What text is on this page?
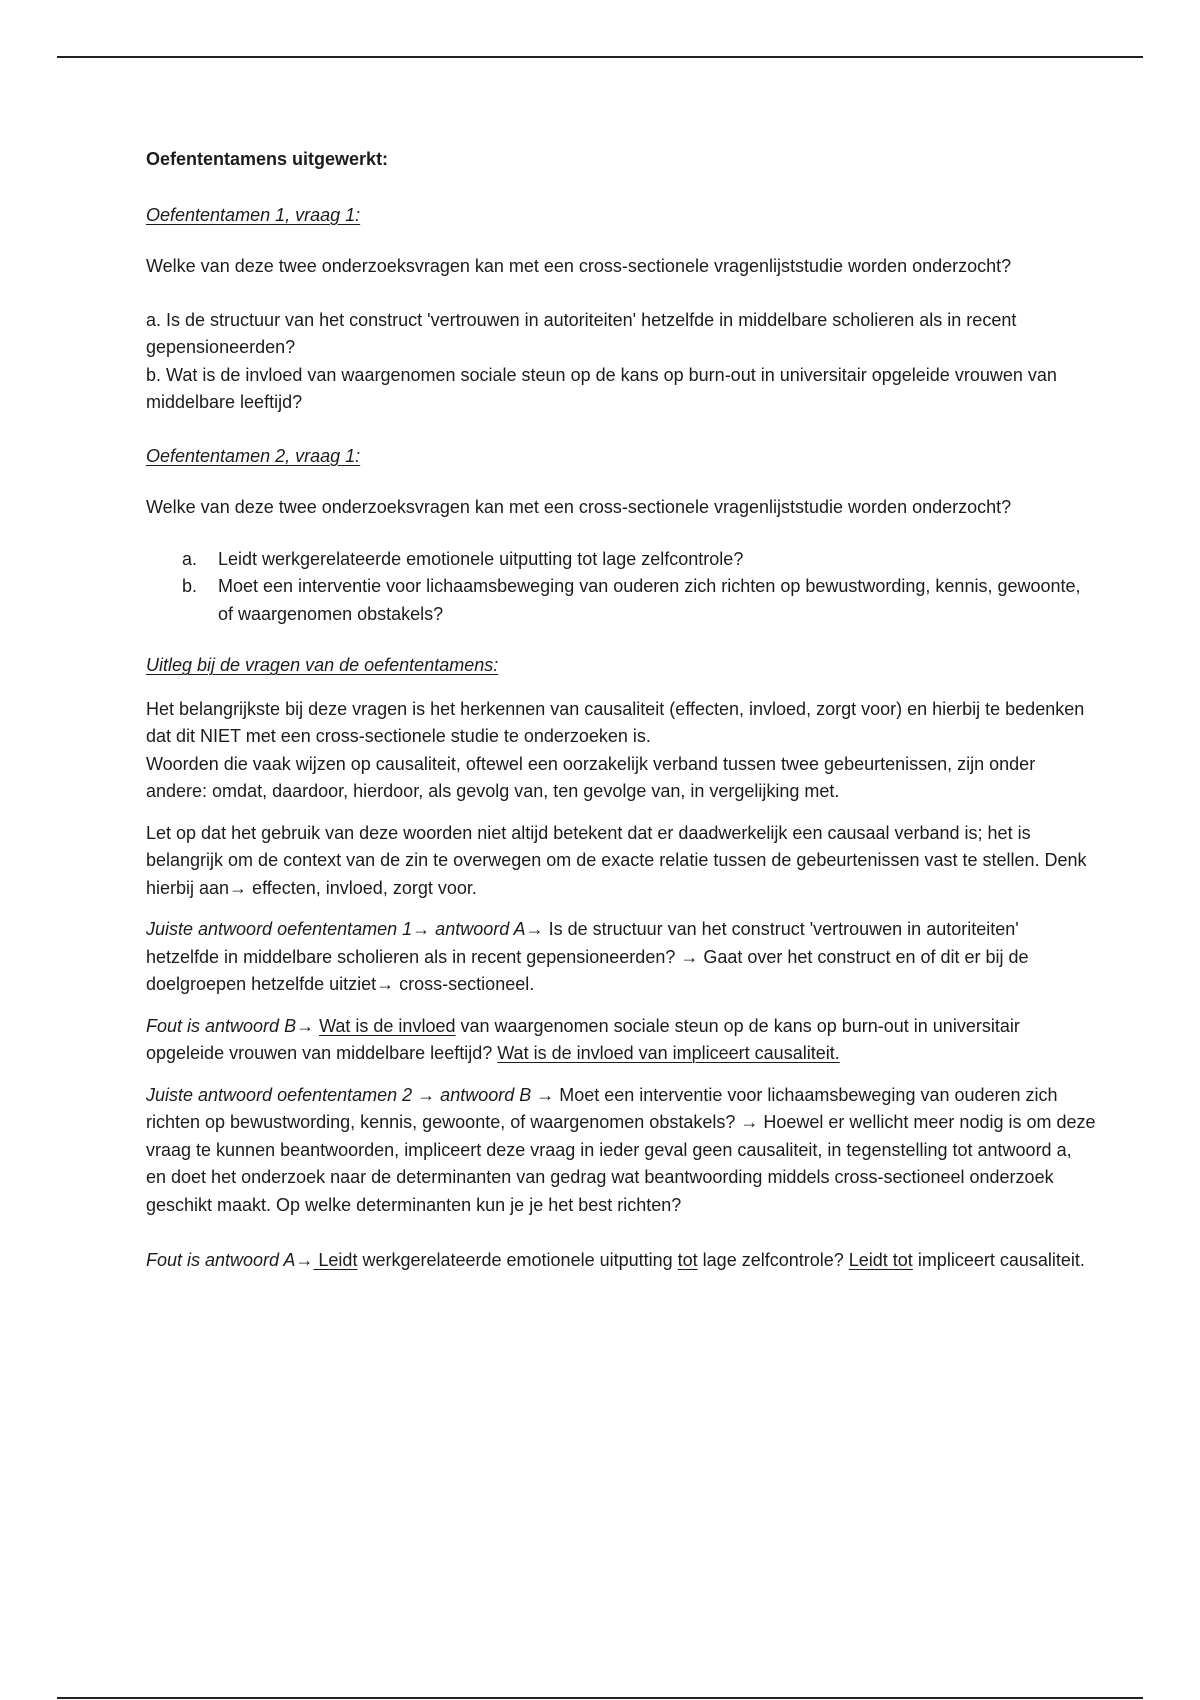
Oefententamens uitgewerkt:

Oefententamen 1, vraag 1:

Welke van deze twee onderzoeksvragen kan met een cross-sectionele vragenlijststudie worden onderzocht?

a. Is de structuur van het construct 'vertrouwen in autoriteiten' hetzelfde in middelbare scholieren als in recent gepensioneerden?

b. Wat is de invloed van waargenomen sociale steun op de kans op burn-out in universitair opgeleide vrouwen van middelbare leeftijd?

Oefententamen 2, vraag 1:

Welke van deze twee onderzoeksvragen kan met een cross-sectionele vragenlijststudie worden onderzocht?

a.	Leidt werkgerelateerde emotionele uitputting tot lage zelfcontrole?
b.	Moet een interventie voor lichaamsbeweging van ouderen zich richten op bewustwording, kennis, gewoonte, of waargenomen obstakels?

Uitleg bij de vragen van de oefententamens:

Het belangrijkste bij deze vragen is het herkennen van causaliteit (effecten, invloed, zorgt voor) en hierbij te bedenken dat dit NIET met een cross-sectionele studie te onderzoeken is.

Woorden die vaak wijzen op causaliteit, oftewel een oorzakelijk verband tussen twee gebeurtenissen, zijn onder andere: omdat, daardoor, hierdoor, als gevolg van, ten gevolge van, in vergelijking met.

Let op dat het gebruik van deze woorden niet altijd betekent dat er daadwerkelijk een causaal verband is; het is belangrijk om de context van de zin te overwegen om de exacte relatie tussen de gebeurtenissen vast te stellen. Denk hierbij aan→ effecten, invloed, zorgt voor.

Juiste antwoord oefententamen 1→ antwoord A→ Is de structuur van het construct 'vertrouwen in autoriteiten' hetzelfde in middelbare scholieren als in recent gepensioneerden? → Gaat over het construct en of dit er bij de doelgroepen hetzelfde uitziet→ cross-sectioneel.

Fout is antwoord B→ Wat is de invloed van waargenomen sociale steun op de kans op burn-out in universitair opgeleide vrouwen van middelbare leeftijd? Wat is de invloed van impliceert causaliteit.

Juiste antwoord oefententamen 2 → antwoord B → Moet een interventie voor lichaamsbeweging van ouderen zich richten op bewustwording, kennis, gewoonte, of waargenomen obstakels? → Hoewel er wellicht meer nodig is om deze vraag te kunnen beantwoorden, impliceert deze vraag in ieder geval geen causaliteit, in tegenstelling tot antwoord a, en doet het onderzoek naar de determinanten van gedrag wat beantwoording middels cross-sectioneel onderzoek geschikt maakt. Op welke determinanten kun je je het best richten?

Fout is antwoord A→ Leidt werkgerelateerde emotionele uitputting tot lage zelfcontrole? Leidt tot impliceert causaliteit.
